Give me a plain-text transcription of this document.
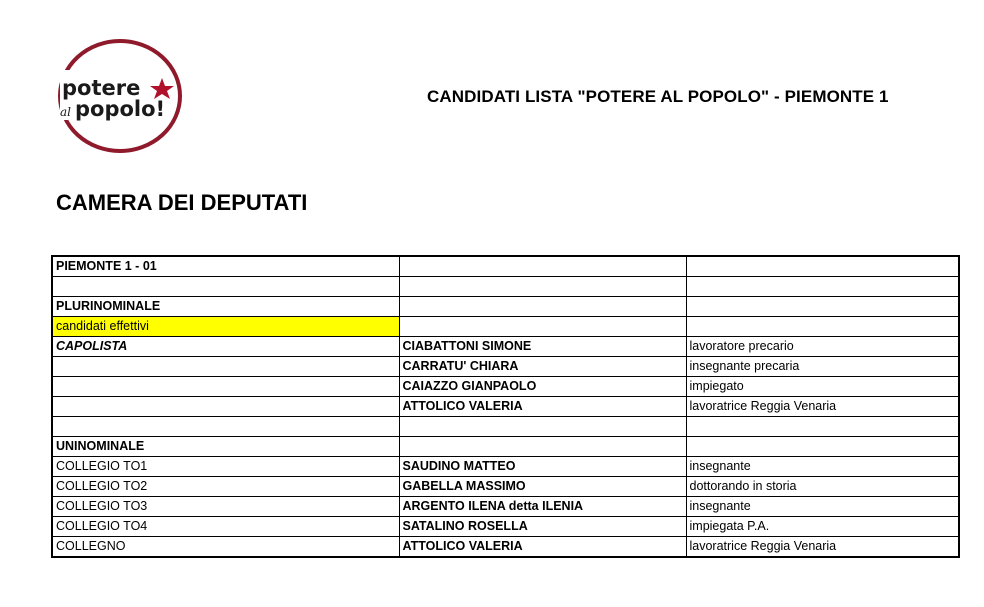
potere
al popolo!
CANDIDATI LISTA "POTERE AL POPOLO" - PIEMONTE 1
CAMERA DEI DEPUTATI
PIEMONTE 1 - 01		

PLURINOMINALE		
candidati effettivi		
CAPOLISTA	CIABATTONI SIMONE	lavoratore precario
	CARRATU' CHIARA	insegnante precaria
	CAIAZZO GIANPAOLO	impiegato
	ATTOLICO VALERIA	lavoratrice Reggia Venaria

UNINOMINALE		
COLLEGIO TO1	SAUDINO MATTEO	insegnante
COLLEGIO TO2	GABELLA MASSIMO	dottorando in storia
COLLEGIO TO3	ARGENTO ILENA detta ILENIA	insegnante
COLLEGIO TO4	SATALINO ROSELLA	impiegata P.A.
COLLEGNO	ATTOLICO VALERIA	lavoratrice Reggia Venaria
